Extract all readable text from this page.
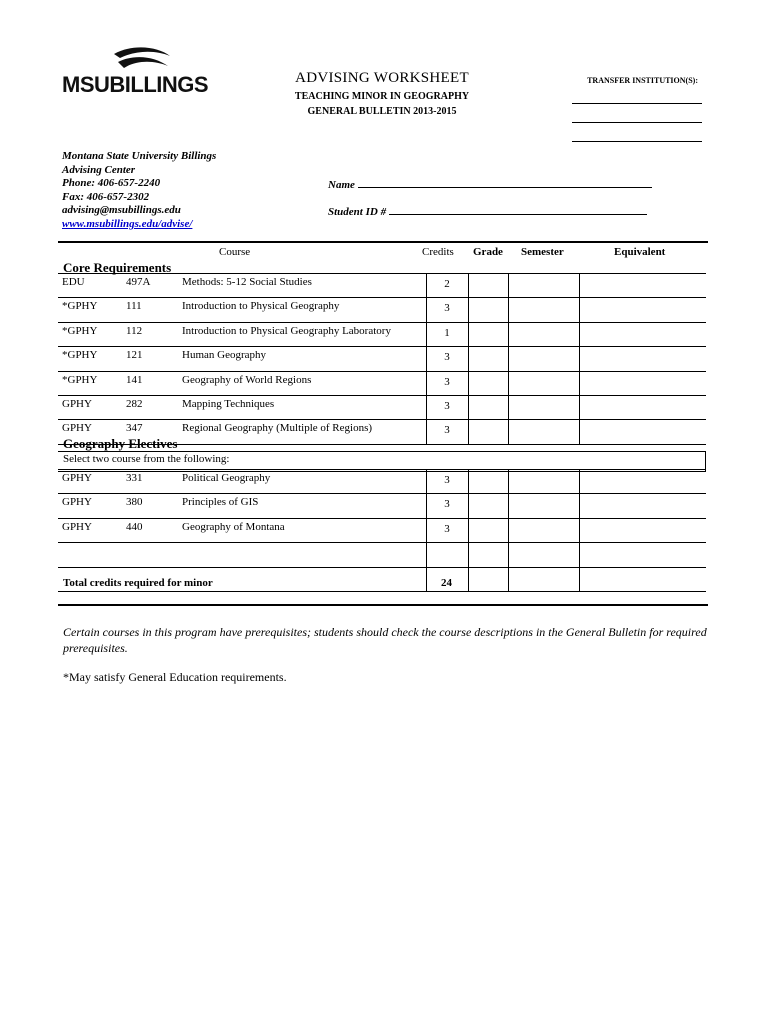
MSUBILLINGS	ADVISING WORKSHEET
TEACHING MINOR IN GEOGRAPHY
GENERAL BULLETIN 2013-2015
TRANSFER INSTITUTION(S):
Montana State University Billings
Advising Center
Phone: 406-657-2240
Fax: 406-657-2302
advising@msubillings.edu
www.msubillings.edu/advise/
Name
Student ID #
Course	Credits Grade Semester	Equivalent
Core Requirements
EDU	497A	Methods: 5-12 Social Studies	2			
*GPHY	111	Introduction to Physical Geography	3			
*GPHY	112	Introduction to Physical Geography Laboratory	1			
*GPHY	121	Human Geography	3			
*GPHY	141	Geography of World Regions	3			
GPHY	282	Mapping Techniques	3			
GPHY	347	Regional Geography (Multiple of Regions)	3			
Geography Electives
Select two course from the following:
GPHY	331	Political Geography	3			
GPHY	380	Principles of GIS	3			
GPHY	440	Geography of Montana	3			

Total credits required for minor	24
Certain courses in this program have prerequisites; students should check the course descriptions in the General Bulletin for required prerequisites.
*May satisfy General Education requirements.
